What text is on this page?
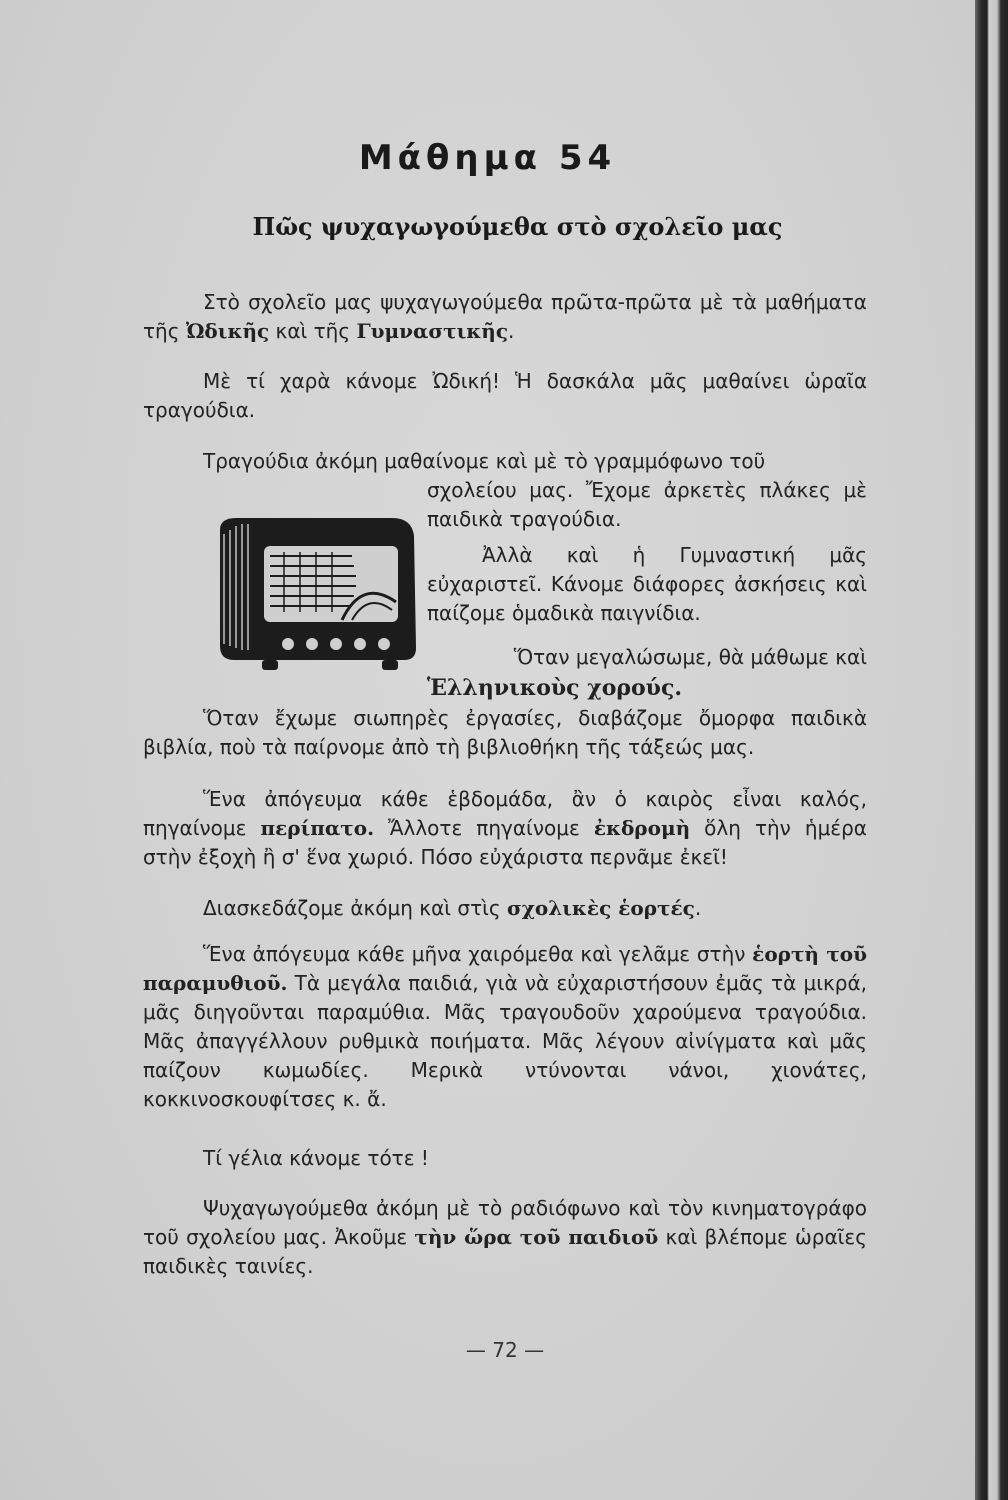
Μάθημα 54
Πῶς ψυχαγωγούμεθα στὸ σχολεῖο μας

Στὸ σχολεῖο μας ψυχαγωγούμεθα πρῶτα-πρῶτα μὲ τὰ μαθήματα τῆς Ὠδικῆς καὶ τῆς Γυμναστικῆς.

Μὲ τί χαρὰ κάνομε Ὠδική! Ἡ δασκάλα μᾶς μαθαίνει ὡραῖα τραγούδια.

Τραγούδια ἀκόμη μαθαίνομε καὶ μὲ τὸ γραμμόφωνο τοῦ

σχολείου μας. Ἔχομε ἀρκετὲς πλάκες μὲ παιδικὰ τραγούδια.

Ἀλλὰ καὶ ἡ Γυμναστική μᾶς εὐχαριστεῖ. Κάνομε διάφορες ἀσκήσεις καὶ παίζομε ὁμαδικὰ παιγνίδια.

Ὅταν μεγαλώσωμε, θὰ μάθωμε καὶ

Ἑλληνικοὺς χορούς.

Ὅταν ἔχωμε σιωπηρὲς ἐργασίες, διαβάζομε ὄμορφα παιδικὰ βιβλία, ποὺ τὰ παίρνομε ἀπὸ τὴ βιβλιοθήκη τῆς τάξεώς μας.

Ἕνα ἀπόγευμα κάθε ἑβδομάδα, ἂν ὁ καιρὸς εἶναι καλός, πηγαίνομε περίπατο. Ἄλλοτε πηγαίνομε ἐκδρομὴ ὅλη τὴν ἡμέρα στὴν ἐξοχὴ ἢ σ' ἕνα χωριό. Πόσο εὐχάριστα περνᾶμε ἐκεῖ!

Διασκεδάζομε ἀκόμη καὶ στὶς σχολικὲς ἑορτές.

Ἕνα ἀπόγευμα κάθε μῆνα χαιρόμεθα καὶ γελᾶμε στὴν ἑορτὴ τοῦ παραμυθιοῦ. Τὰ μεγάλα παιδιά, γιὰ νὰ εὐχαριστήσουν ἐμᾶς τὰ μικρά, μᾶς διηγοῦνται παραμύθια. Μᾶς τραγουδοῦν χαρούμενα τραγούδια. Μᾶς ἀπαγγέλλουν ρυθμικὰ ποιήματα. Μᾶς λέγουν αἰνίγματα καὶ μᾶς παίζουν κωμωδίες. Μερικὰ ντύνονται νάνοι, χιονάτες, κοκκινοσκουφίτσες κ. ἄ.

Τί γέλια κάνομε τότε !

Ψυχαγωγούμεθα ἀκόμη μὲ τὸ ραδιόφωνο καὶ τὸν κινηματογράφο τοῦ σχολείου μας. Ἀκοῦμε τὴν ὥρα τοῦ παιδιοῦ καὶ βλέπομε ὡραῖες παιδικὲς ταινίες.

— 72 —
